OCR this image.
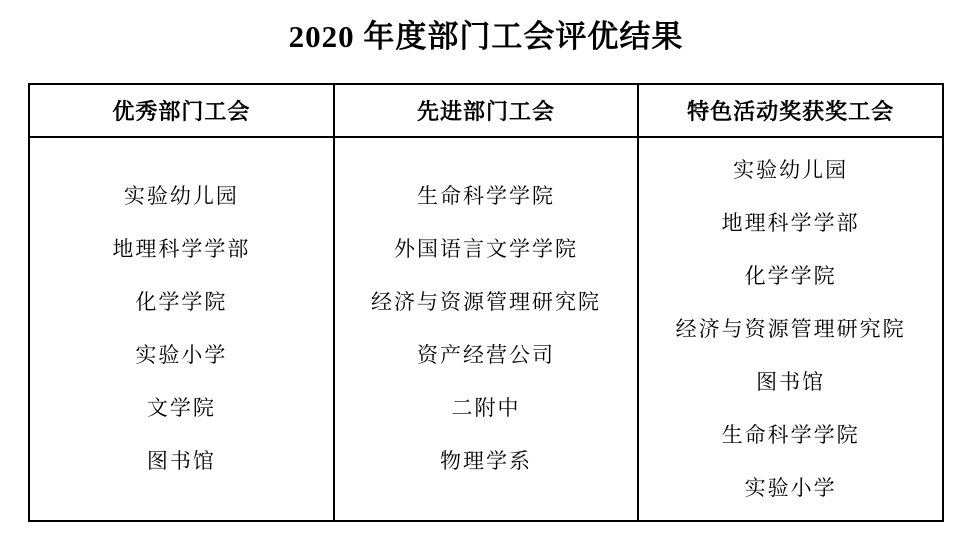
2020 年度部门工会评优结果
优秀部门工会	先进部门工会	特色活动奖获奖工会
实验幼儿园
地理科学学部
化学学院
实验小学
文学院
图书馆
生命科学学院
外国语言文学学院
经济与资源管理研究院
资产经营公司
二附中
物理学系
实验幼儿园
地理科学学部
化学学院
经济与资源管理研究院
图书馆
生命科学学院
实验小学
